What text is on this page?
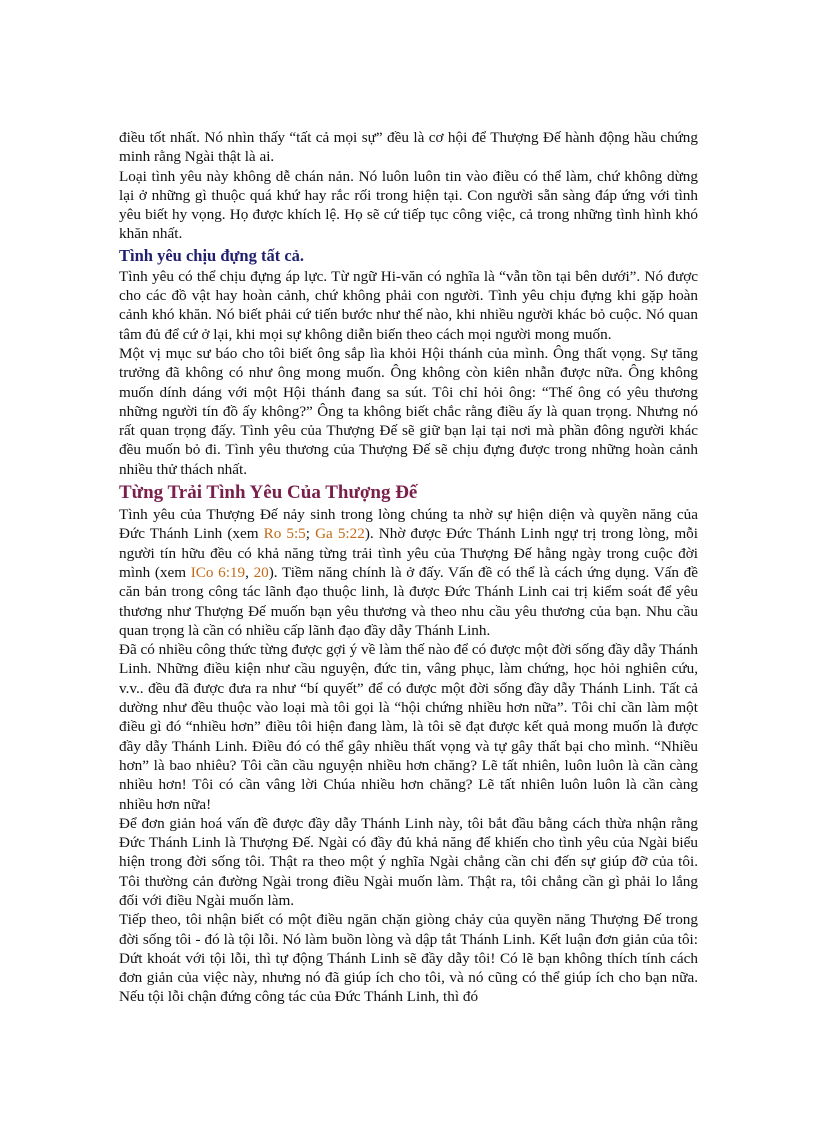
điều tốt nhất. Nó nhìn thấy “tất cả mọi sự” đều là cơ hội để Thượng Đế hành động hầu chứng minh rằng Ngài thật là ai.

Loại tình yêu này không dễ chán nản. Nó luôn luôn tin vào điều có thể làm, chứ không dừng lại ở những gì thuộc quá khứ hay rắc rối trong hiện tại. Con người sẵn sàng đáp ứng với tình yêu biết hy vọng. Họ được khích lệ. Họ sẽ cứ tiếp tục công việc, cả trong những tình hình khó khăn nhất.

Tình yêu chịu đựng tất cả.

Tình yêu có thể chịu đựng áp lực. Từ ngữ Hi-văn có nghĩa là “vẫn tồn tại bên dưới”. Nó được cho các đồ vật hay hoàn cảnh, chứ không phải con người. Tình yêu chịu đựng khi gặp hoàn cảnh khó khăn. Nó biết phải cứ tiến bước như thế nào, khi nhiều người khác bỏ cuộc. Nó quan tâm đủ để cứ ở lại, khi mọi sự không diễn biến theo cách mọi người mong muốn.

Một vị mục sư báo cho tôi biết ông sắp lìa khỏi Hội thánh của mình. Ông thất vọng. Sự tăng trưởng đã không có như ông mong muốn. Ông không còn kiên nhẫn được nữa. Ông không muốn dính dáng với một Hội thánh đang sa sút. Tôi chỉ hỏi ông: “Thế ông có yêu thương những người tín đồ ấy không?” Ông ta không biết chắc rằng điều ấy là quan trọng. Nhưng nó rất quan trọng đấy. Tình yêu của Thượng Đế sẽ giữ bạn lại tại nơi mà phần đông người khác đều muốn bỏ đi. Tình yêu thương của Thượng Đế sẽ chịu đựng được trong những hoàn cảnh nhiều thử thách nhất.

Từng Trải Tình Yêu Của Thượng Đế

Tình yêu của Thượng Đế nảy sinh trong lòng chúng ta nhờ sự hiện diện và quyền năng của Đức Thánh Linh (xem Ro 5:5; Ga 5:22). Nhờ được Đức Thánh Linh ngự trị trong lòng, mỗi người tín hữu đều có khả năng từng trải tình yêu của Thượng Đế hằng ngày trong cuộc đời mình (xem ICo 6:19, 20). Tiềm năng chính là ở đấy. Vấn đề có thể là cách ứng dụng. Vấn đề căn bản trong công tác lãnh đạo thuộc linh, là được Đức Thánh Linh cai trị kiểm soát để yêu thương như Thượng Đế muốn bạn yêu thương và theo nhu cầu yêu thương của bạn. Nhu cầu quan trọng là cần có nhiều cấp lãnh đạo đầy dẫy Thánh Linh.

Đã có nhiều công thức từng được gợi ý về làm thế nào để có được một đời sống đầy dẫy Thánh Linh. Những điều kiện như cầu nguyện, đức tin, vâng phục, làm chứng, học hỏi nghiên cứu, v.v.. đều đã được đưa ra như “bí quyết” để có được một đời sống đầy dẫy Thánh Linh. Tất cả dường như đều thuộc vào loại mà tôi gọi là “hội chứng nhiều hơn nữa”. Tôi chỉ cần làm một điều gì đó “nhiều hơn” điều tôi hiện đang làm, là tôi sẽ đạt được kết quả mong muốn là được đầy dẫy Thánh Linh. Điều đó có thể gây nhiều thất vọng và tự gây thất bại cho mình. “Nhiều hơn” là bao nhiêu? Tôi cần cầu nguyện nhiều hơn chăng? Lẽ tất nhiên, luôn luôn là cần càng nhiều hơn! Tôi có cần vâng lời Chúa nhiều hơn chăng? Lẽ tất nhiên luôn luôn là cần càng nhiều hơn nữa!

Để đơn giản hoá vấn đề được đầy dẫy Thánh Linh này, tôi bắt đầu bằng cách thừa nhận rằng Đức Thánh Linh là Thượng Đế. Ngài có đầy đủ khả năng để khiến cho tình yêu của Ngài biểu hiện trong đời sống tôi. Thật ra theo một ý nghĩa Ngài chẳng cần chi đến sự giúp đỡ của tôi. Tôi thường cản đường Ngài trong điều Ngài muốn làm. Thật ra, tôi chẳng cần gì phải lo lắng đối với điều Ngài muốn làm.

Tiếp theo, tôi nhận biết có một điều ngăn chặn giòng chảy của quyền năng Thượng Đế trong đời sống tôi - đó là tội lỗi. Nó làm buồn lòng và dập tắt Thánh Linh. Kết luận đơn giản của tôi: Dứt khoát với tội lỗi, thì tự động Thánh Linh sẽ đầy dẫy tôi! Có lẽ bạn không thích tính cách đơn giản của việc này, nhưng nó đã giúp ích cho tôi, và nó cũng có thể giúp ích cho bạn nữa. Nếu tội lỗi chận đứng công tác của Đức Thánh Linh, thì đó
